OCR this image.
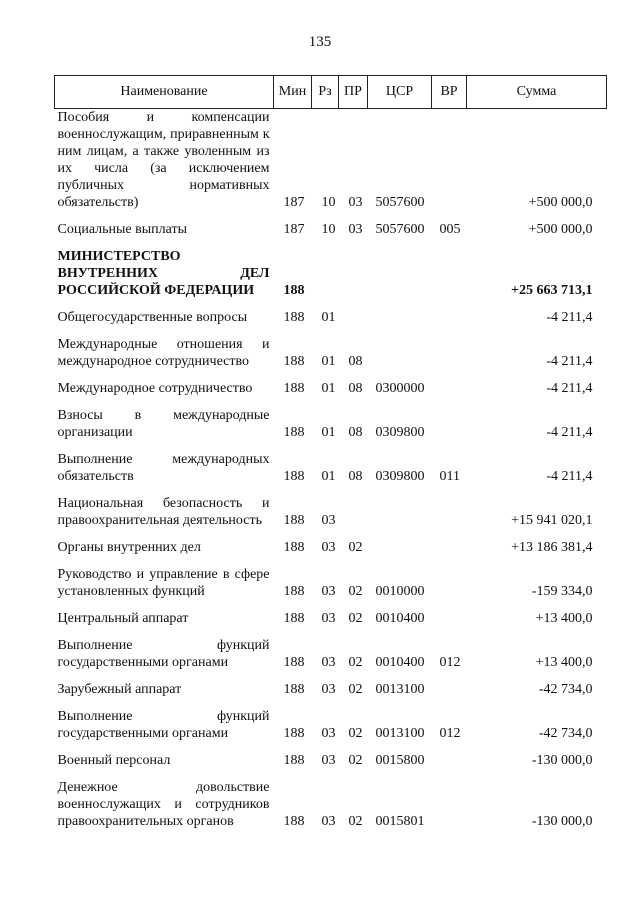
135
Наименование	Мин	Рз	ПР	ЦСР	ВР	Сумма
Пособия и компенсации военнослужащим, приравненным к ним лицам, а также уволенным из их числа (за исключением публичных нормативных обязательств)	187	10	03	5057600		+500 000,0
Социальные выплаты	187	10	03	5057600	005	+500 000,0
МИНИСТЕРСТВО ВНУТРЕННИХ ДЕЛ РОССИЙСКОЙ ФЕДЕРАЦИИ	188					+25 663 713,1
Общегосударственные вопросы	188	01				-4 211,4
Международные отношения и международное сотрудничество	188	01	08			-4 211,4
Международное сотрудничество	188	01	08	0300000		-4 211,4
Взносы в международные организации	188	01	08	0309800		-4 211,4
Выполнение международных обязательств	188	01	08	0309800	011	-4 211,4
Национальная безопасность и правоохранительная деятельность	188	03				+15 941 020,1
Органы внутренних дел	188	03	02			+13 186 381,4
Руководство и управление в сфере установленных функций	188	03	02	0010000		-159 334,0
Центральный аппарат	188	03	02	0010400		+13 400,0
Выполнение функций государственными органами	188	03	02	0010400	012	+13 400,0
Зарубежный аппарат	188	03	02	0013100		-42 734,0
Выполнение функций государственными органами	188	03	02	0013100	012	-42 734,0
Военный персонал	188	03	02	0015800		-130 000,0
Денежное довольствие военнослужащих и сотрудников правоохранительных органов	188	03	02	0015801		-130 000,0
